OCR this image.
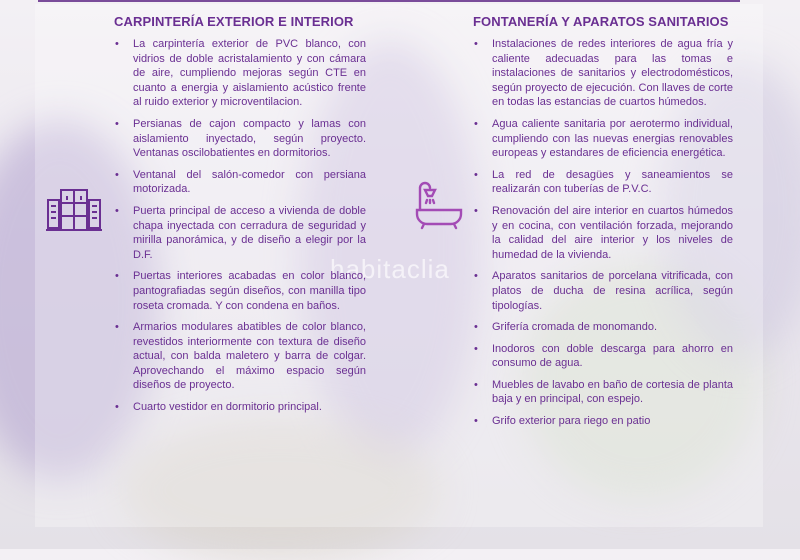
habitaclia
CARPINTERÍA EXTERIOR E INTERIOR
• La carpintería exterior de PVC blanco, con vidrios de doble acristalamiento y con cámara de aire, cumpliendo mejoras según CTE en cuanto a energia y aislamiento acústico frente al ruido exterior y microventilacion.
• Persianas de cajon compacto y lamas con aislamiento inyectado, según proyecto. Ventanas oscilobatientes en dormitorios.
• Ventanal del salón-comedor con persiana motorizada.
• Puerta principal de acceso a vivienda de doble chapa inyectada con cerradura de seguridad y mirilla panorámica, y de diseño a elegir por la D.F.
• Puertas interiores acabadas en color blanco, pantografiadas según diseños, con manilla tipo roseta cromada. Y con condena en baños.
• Armarios modulares abatibles de color blanco, revestidos interiormente con textura de diseño actual, con balda maletero y barra de colgar. Aprovechando el máximo espacio según diseños de proyecto.
• Cuarto vestidor en dormitorio principal.
FONTANERÍA Y APARATOS SANITARIOS
• Instalaciones de redes interiores de agua fría y caliente adecuadas para las tomas e instalaciones de sanitarios y electrodomésticos, según proyecto de ejecución. Con llaves de corte en todas las estancias de cuartos húmedos.
• Agua caliente sanitaria por aerotermo individual, cumpliendo con las nuevas energias renovables europeas y estandares de eficiencia energética.
• La red de desagües y saneamientos se realizarán con tuberías de P.V.C.
• Renovación del aire interior en cuartos húmedos y en cocina, con ventilación forzada, mejorando la calidad del aire interior y los niveles de humedad de la vivienda.
• Aparatos sanitarios de porcelana vitrificada, con platos de ducha de resina acrílica, según tipologías.
• Grifería cromada de monomando.
• Inodoros con doble descarga para ahorro en consumo de agua.
• Muebles de lavabo en baño de cortesia de planta baja y en principal, con espejo.
• Grifo exterior para riego en patio
